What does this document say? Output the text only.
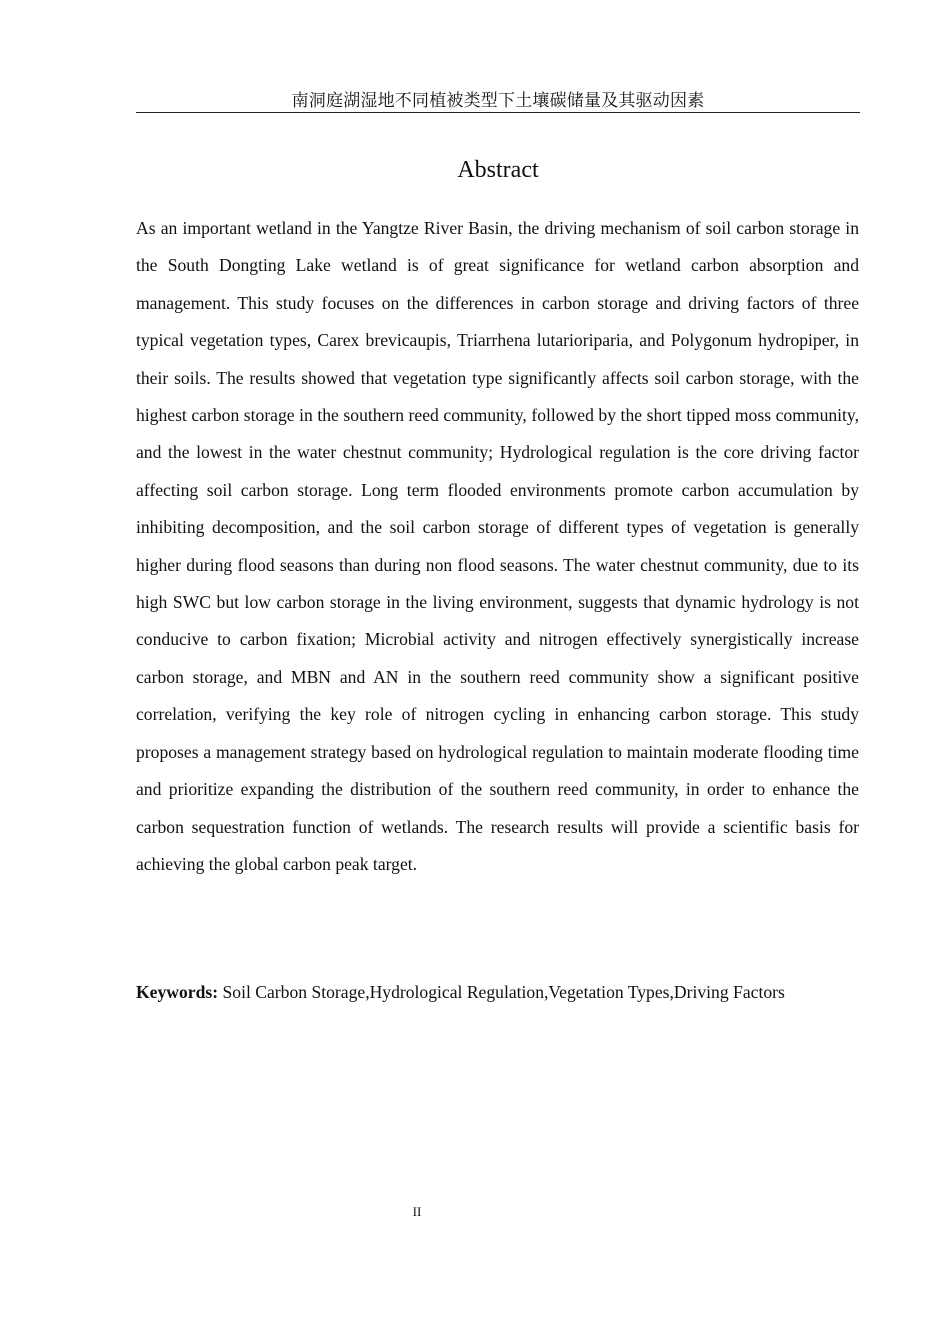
南洞庭湖湿地不同植被类型下土壤碳储量及其驱动因素
Abstract

As an important wetland in the Yangtze River Basin, the driving mechanism of soil carbon storage in the South Dongting Lake wetland is of great significance for wetland carbon absorption and management. This study focuses on the differences in carbon storage and driving factors of three typical vegetation types, Carex brevicaupis, Triarrhena lutarioriparia, and Polygonum hydropiper, in their soils. The results showed that vegetation type significantly affects soil carbon storage, with the highest carbon storage in the southern reed community, followed by the short tipped moss community, and the lowest in the water chestnut community; Hydrological regulation is the core driving factor affecting soil carbon storage. Long term flooded environments promote carbon accumulation by inhibiting decomposition, and the soil carbon storage of different types of vegetation is generally higher during flood seasons than during non flood seasons. The water chestnut community, due to its high SWC but low carbon storage in the living environment, suggests that dynamic hydrology is not conducive to carbon fixation; Microbial activity and nitrogen effectively synergistically increase carbon storage, and MBN and AN in the southern reed community show a significant positive correlation, verifying the key role of nitrogen cycling in enhancing carbon storage. This study proposes a management strategy based on hydrological regulation to maintain moderate flooding time and prioritize expanding the distribution of the southern reed community, in order to enhance the carbon sequestration function of wetlands. The research results will provide a scientific basis for achieving the global carbon peak target.

Keywords: Soil Carbon Storage,Hydrological Regulation,Vegetation Types,Driving Factors

II
